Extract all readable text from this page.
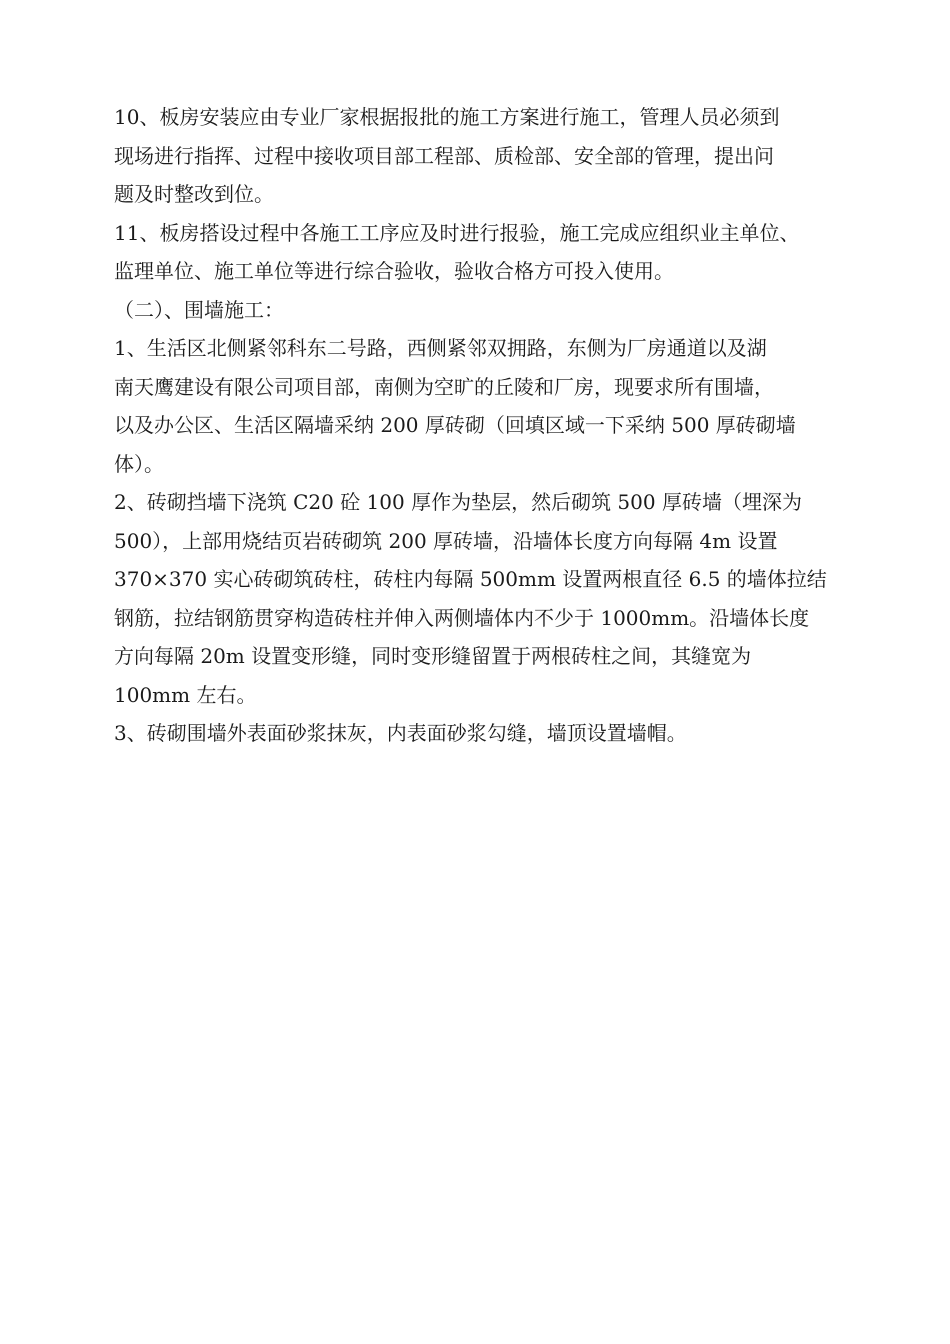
10、板房安装应由专业厂家根据报批的施工方案进行施工，管理人员必须到
现场进行指挥、过程中接收项目部工程部、质检部、安全部的管理，提出问
题及时整改到位。
11、板房搭设过程中各施工工序应及时进行报验，施工完成应组织业主单位、
监理单位、施工单位等进行综合验收，验收合格方可投入使用。
（二）、围墙施工：
1、生活区北侧紧邻科东二号路，西侧紧邻双拥路，东侧为厂房通道以及湖
南天鹰建设有限公司项目部，南侧为空旷的丘陵和厂房，现要求所有围墙，
以及办公区、生活区隔墙采纳 200 厚砖砌（回填区域一下采纳 500 厚砖砌墙
体）。
2、砖砌挡墙下浇筑 C20 砼 100 厚作为垫层，然后砌筑 500 厚砖墙（埋深为
500），上部用烧结页岩砖砌筑 200 厚砖墙，沿墙体长度方向每隔 4m 设置
370×370 实心砖砌筑砖柱，砖柱内每隔 500mm 设置两根直径 6.5 的墙体拉结
钢筋，拉结钢筋贯穿构造砖柱并伸入两侧墙体内不少于 1000mm。沿墙体长度
方向每隔 20m 设置变形缝，同时变形缝留置于两根砖柱之间，其缝宽为
100mm 左右。
3、砖砌围墙外表面砂浆抹灰，内表面砂浆勾缝，墙顶设置墙帽。
